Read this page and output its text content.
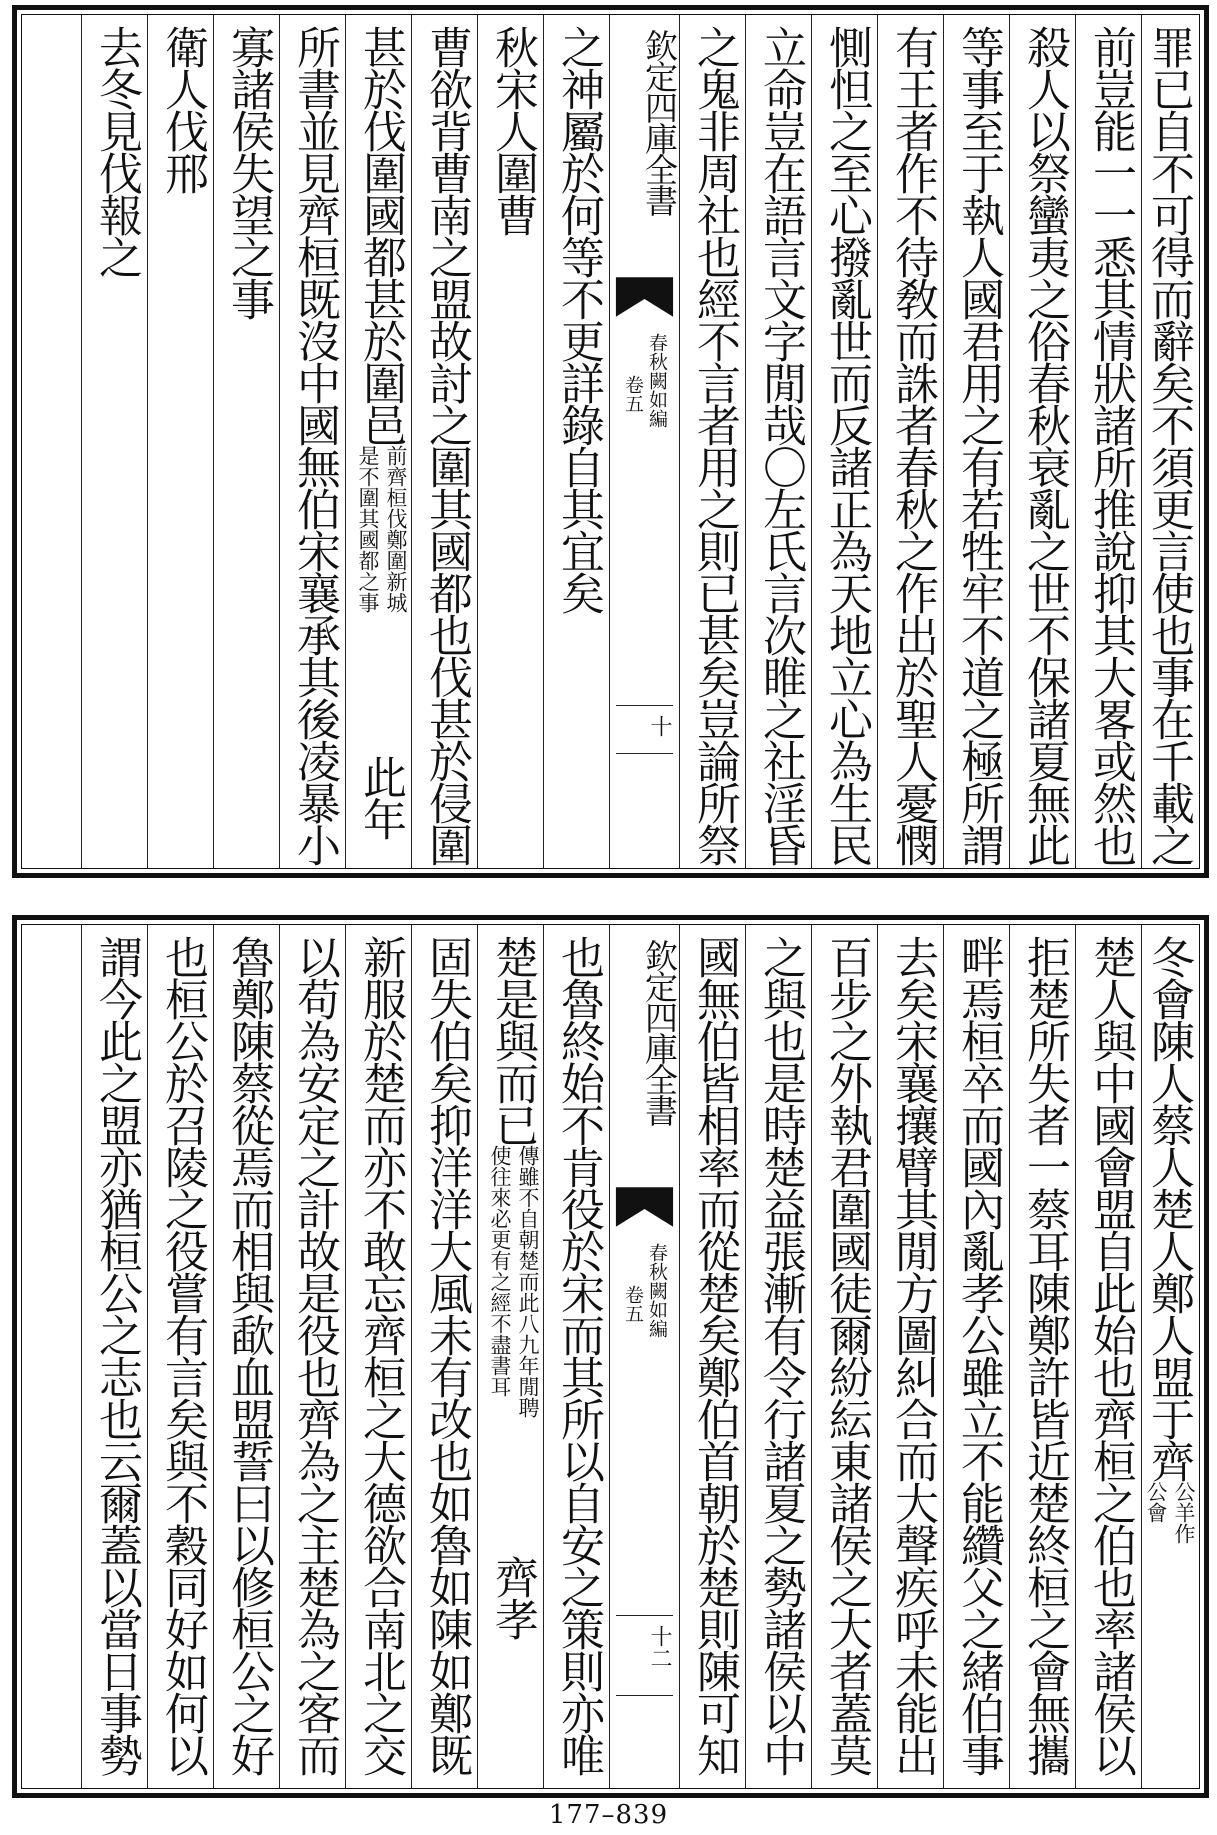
罪已自不可得而辭矣不須更言使也事在千載之
前豈能一一悉其情狀諸所推說抑其大畧或然也
殺人以祭蠻夷之俗春秋衰亂之世不保諸夏無此
等事至于執人國君用之有若牲牢不道之極所謂
有王者作不待敎而誅者春秋之作出於聖人憂憫
惻怛之至心撥亂世而反諸正為天地立心為生民
立命豈在語言文字閒哉〇左氏言次睢之社淫昏
之鬼非周社也經不言者用之則已甚矣豈論所祭
欽定四庫全書
春秋闕如編
卷五
十
之神屬於何等不更詳錄自其宜矣
秋宋人圍曹
曹欲背曹南之盟故討之圍其國都也伐甚於侵圍
甚於伐圍國都甚於圍邑
前齊桓伐鄭圍新城
是不圍其國都之事
此年
所書並見齊桓既沒中國無伯宋襄承其後凌暴小
寡諸侯失望之事
衛人伐邢
去冬見伐報之
冬會陳人蔡人楚人鄭人盟于齊
公羊作
公會
楚人與中國會盟自此始也齊桓之伯也率諸侯以
拒楚所失者一蔡耳陳鄭許皆近楚終桓之會無攜
畔焉桓卒而國內亂孝公雖立不能纘父之緒伯事
去矣宋襄攘臂其閒方圖糾合而大聲疾呼未能出
百步之外執君圍國徒爾紛紜東諸侯之大者蓋莫
之與也是時楚益張漸有令行諸夏之勢諸侯以中
國無伯皆相率而從楚矣鄭伯首朝於楚則陳可知
欽定四庫全書
春秋闕如編
卷五
十二
也魯終始不肯役於宋而其所以自安之策則亦唯
楚是與而已
傳雖不自朝楚而此八九年閒聘
使往來必更有之經不盡書耳
齊孝
固失伯矣抑洋洋大風未有改也如魯如陳如鄭既
新服於楚而亦不敢忘齊桓之大德欲合南北之交
以苟為安定之計故是役也齊為之主楚為之客而
魯鄭陳蔡從焉而相與歃血盟誓曰以修桓公之好
也桓公於召陵之役嘗有言矣與不穀同好如何以
謂今此之盟亦猶桓公之志也云爾蓋以當日事勢
177–839
